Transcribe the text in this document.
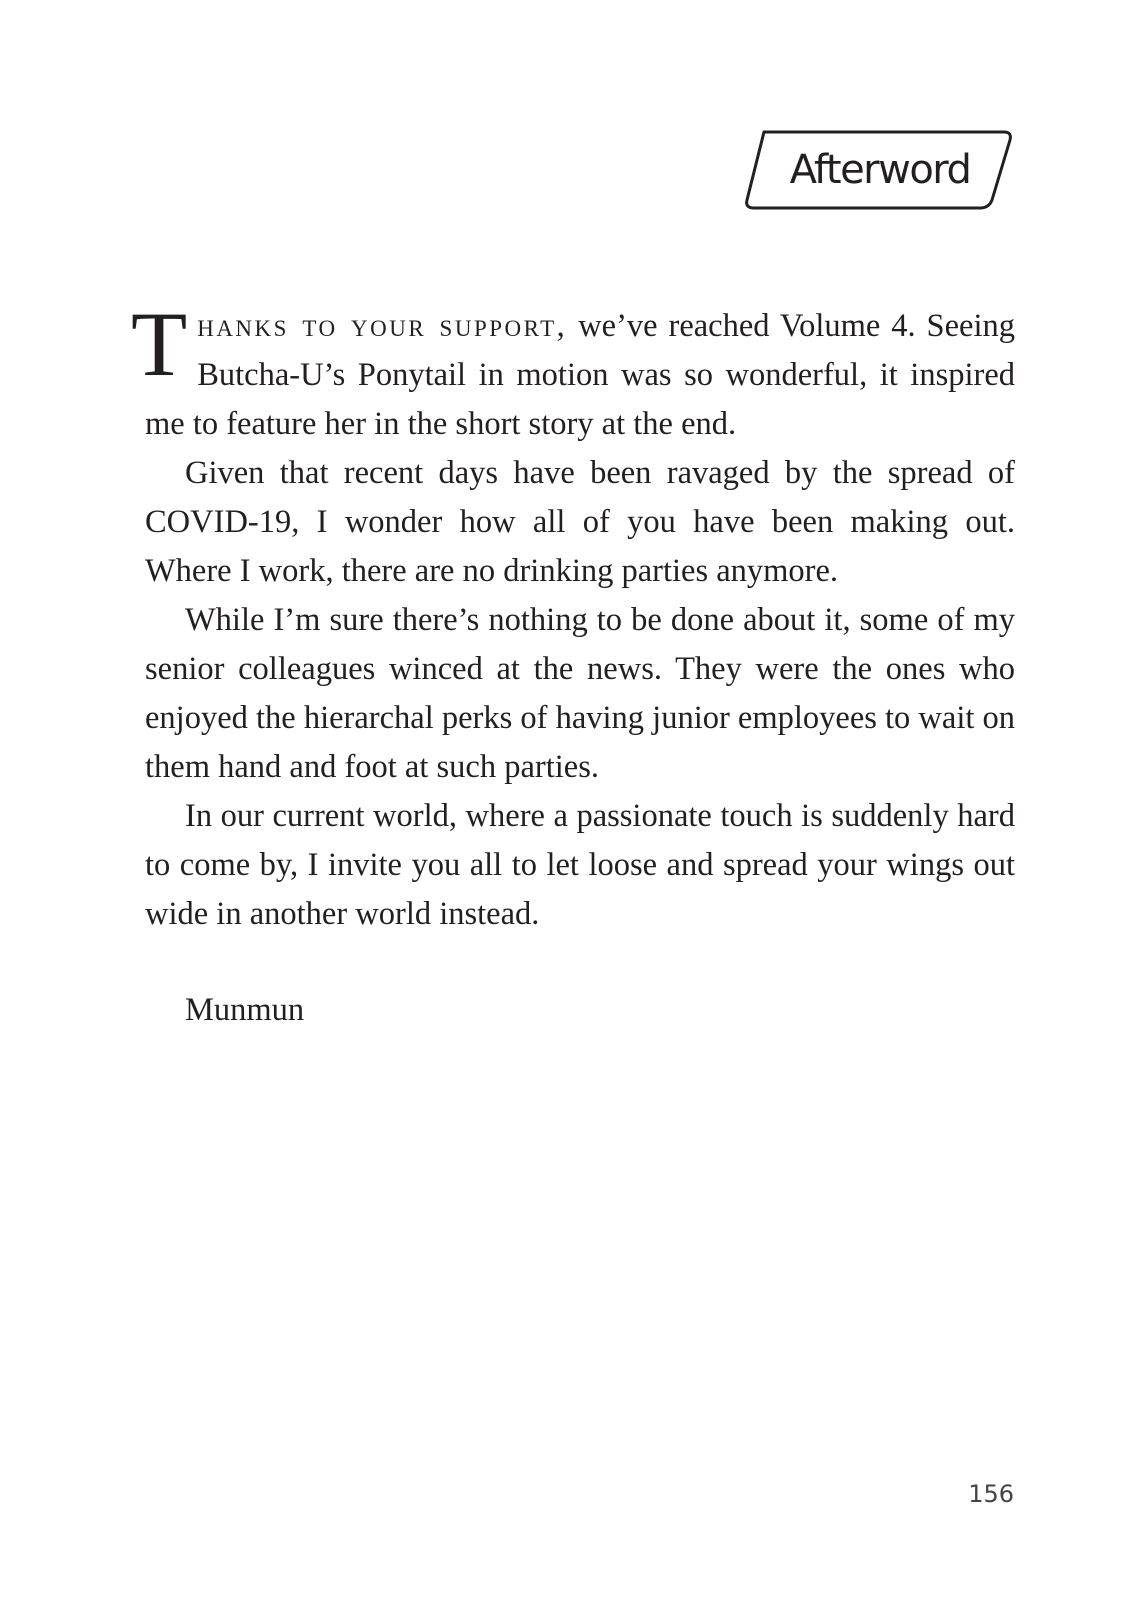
Afterword

Thanks to your support, we’ve reached Volume 4. Seeing Butcha-U’s Ponytail in motion was so wonderful, it inspired me to feature her in the short story at the end.

Given that recent days have been ravaged by the spread of COVID-19, I wonder how all of you have been making out. Where I work, there are no drinking parties anymore.

While I’m sure there’s nothing to be done about it, some of my senior colleagues winced at the news. They were the ones who enjoyed the hierarchal perks of having junior employees to wait on them hand and foot at such parties.

In our current world, where a passionate touch is suddenly hard to come by, I invite you all to let loose and spread your wings out wide in another world instead.

Munmun
156
